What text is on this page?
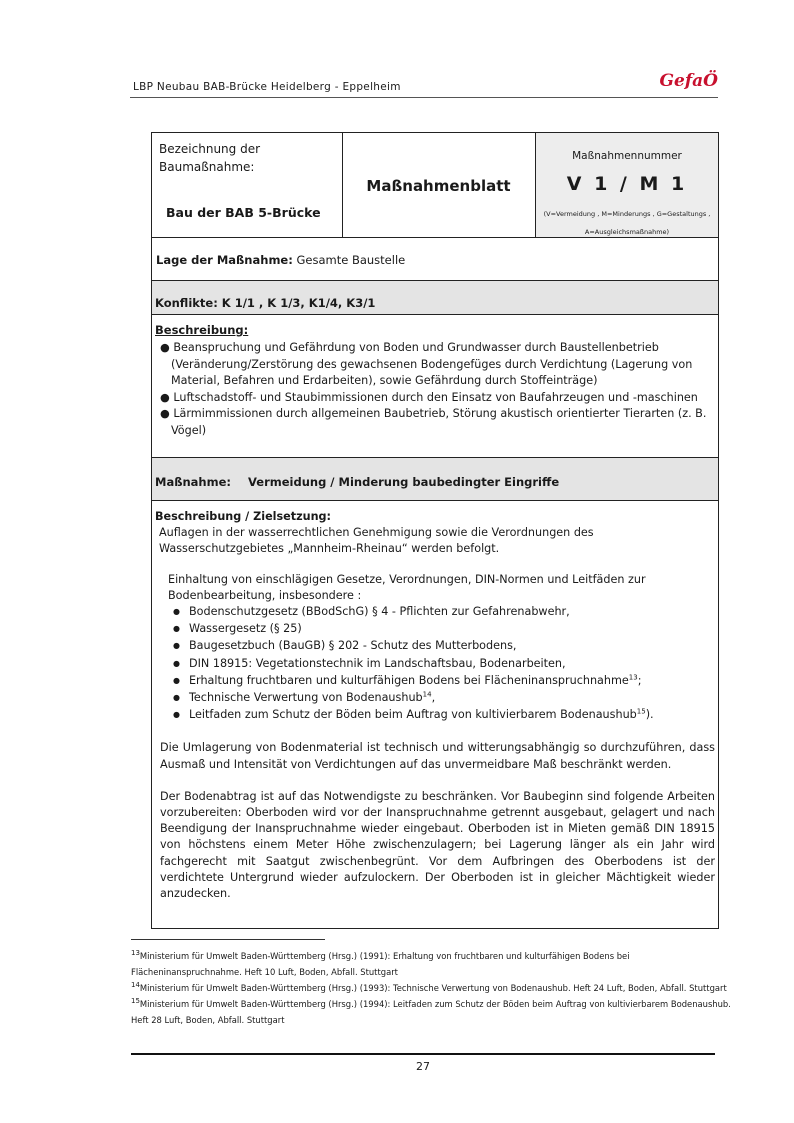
LBP Neubau BAB-Brücke Heidelberg - Eppelheim	GefaÖ
Bezeichnung der Baumaßnahme:
Bau der BAB 5-Brücke
Maßnahmenblatt
Maßnahmennummer
V 1 / M 1
(V=Vermeidung , M=Minderungs , G=Gestaltungs ,
A=Ausgleichsmaßnahme)
Lage der Maßnahme: Gesamte Baustelle
Konflikte: K 1/1 , K 1/3, K1/4, K3/1
Beschreibung:
● Beanspruchung und Gefährdung von Boden und Grundwasser durch Baustellenbetrieb (Veränderung/Zerstörung des gewachsenen Bodengefüges durch Verdichtung (Lagerung von Material, Befahren und Erdarbeiten), sowie Gefährdung durch Stoffeinträge)
● Luftschadstoff- und Staubimmissionen durch den Einsatz von Baufahrzeugen und -maschinen
● Lärmimmissionen durch allgemeinen Baubetrieb, Störung akustisch orientierter Tierarten (z. B. Vögel)
Maßnahme: Vermeidung / Minderung baubedingter Eingriffe
Beschreibung / Zielsetzung:

Auflagen in der wasserrechtlichen Genehmigung sowie die Verordnungen des Wasserschutzgebietes „Mannheim-Rheinau“ werden befolgt.

Einhaltung von einschlägigen Gesetze, Verordnungen, DIN-Normen und Leitfäden zur Bodenbearbeitung, insbesondere :

● Bodenschutzgesetz (BBodSchG) § 4 - Pflichten zur Gefahrenabwehr,
● Wassergesetz (§ 25)
● Baugesetzbuch (BauGB) § 202 - Schutz des Mutterbodens,
● DIN 18915: Vegetationstechnik im Landschaftsbau, Bodenarbeiten,
● Erhaltung fruchtbaren und kulturfähigen Bodens bei Flächeninanspruchnahme$^{13}$;
● Technische Verwertung von Bodenaushub$^{14}$,
● Leitfaden zum Schutz der Böden beim Auftrag von kultivierbarem Bodenaushub$^{15}$).

Die Umlagerung von Bodenmaterial ist technisch und witterungsabhängig so durchzuführen, dass Ausmaß und Intensität von Verdichtungen auf das unvermeidbare Maß beschränkt werden.

Der Bodenabtrag ist auf das Notwendigste zu beschränken. Vor Baubeginn sind folgende Arbeiten vorzubereiten: Oberboden wird vor der Inanspruchnahme getrennt ausgebaut, gelagert und nach Beendigung der Inanspruchnahme wieder eingebaut. Oberboden ist in Mieten gemäß DIN 18915 von höchstens einem Meter Höhe zwischenzulagern; bei Lagerung länger als ein Jahr wird fachgerecht mit Saatgut zwischenbegrünt. Vor dem Aufbringen des Oberbodens ist der verdichtete Untergrund wieder aufzulockern. Der Oberboden ist in gleicher Mächtigkeit wieder anzudecken.

$^{13}$Ministerium für Umwelt Baden-Württemberg (Hrsg.) (1991): Erhaltung von fruchtbaren und kulturfähigen Bodens bei Flächeninanspruchnahme. Heft 10 Luft, Boden, Abfall. Stuttgart

$^{14}$Ministerium für Umwelt Baden-Württemberg (Hrsg.) (1993): Technische Verwertung von Bodenaushub. Heft 24 Luft, Boden, Abfall. Stuttgart

$^{15}$Ministerium für Umwelt Baden-Württemberg (Hrsg.) (1994): Leitfaden zum Schutz der Böden beim Auftrag von kultivierbarem Bodenaushub. Heft 28 Luft, Boden, Abfall. Stuttgart

27
